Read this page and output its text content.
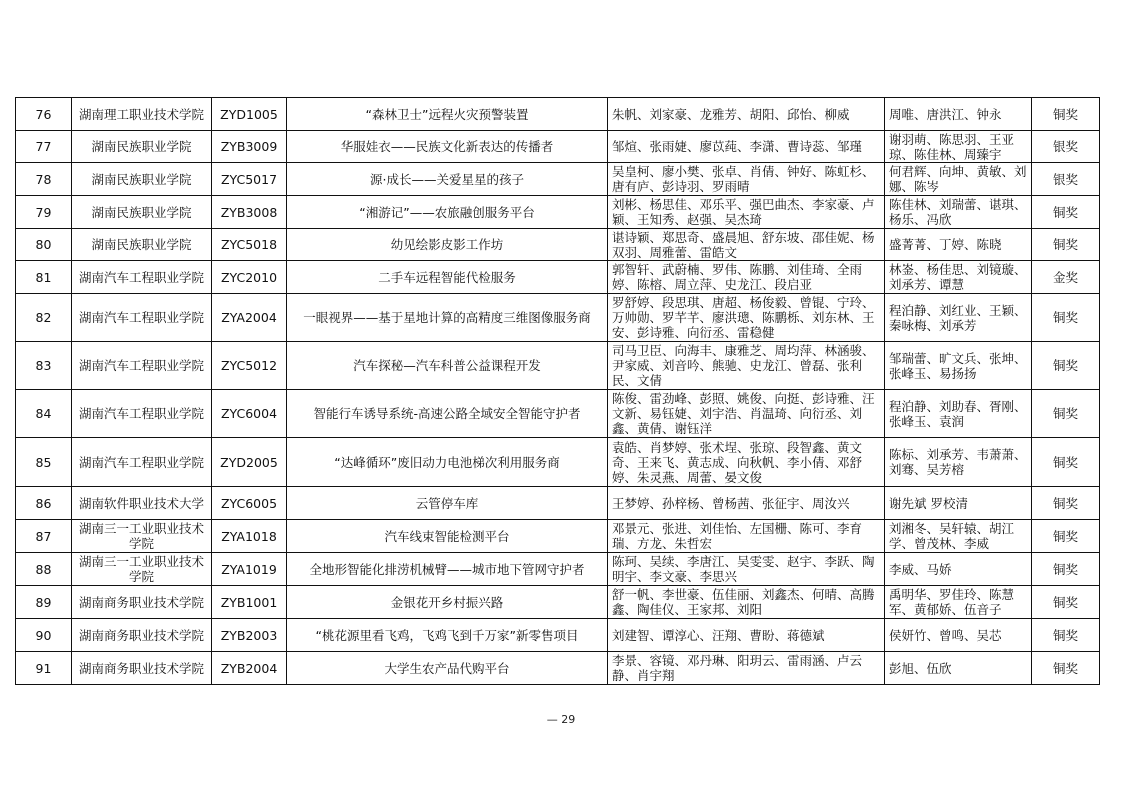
76	湖南理工职业技术学院	ZYD1005	“森林卫士”远程火灾预警装置	朱帆、刘家豪、龙雅芳、胡阳、邱怡、柳威	周唯、唐洪江、钟永	铜奖
77	湖南民族职业学院	ZYB3009	华服娃衣——民族文化新表达的传播者	邹煊、张雨婕、廖苡莼、李潇、曹诗蕊、邹瑾	谢羽萌、陈思羽、王亚琼、陈佳林、周臻宇	银奖
78	湖南民族职业学院	ZYC5017	源·成长——关爱星星的孩子	吴皇柯、廖小樊、张卓、肖倩、钟好、陈虹杉、唐有庐、彭诗羽、罗雨晴	何君辉、向坤、黄敏、刘娜、陈岑	银奖
79	湖南民族职业学院	ZYB3008	“湘游记”——农旅融创服务平台	刘彬、杨思佳、邓乐平、强巴曲杰、李家豪、卢颖、王知秀、赵强、吴杰琦	陈佳林、刘瑞蕾、谌琪、杨乐、冯欣	铜奖
80	湖南民族职业学院	ZYC5018	幼见绘影皮影工作坊	谌诗颖、郑思奇、盛晨旭、舒东坡、邵佳妮、杨双羽、周雅蕾、雷皓文	盛菁菁、丁婷、陈晓	铜奖
81	湖南汽车工程职业学院	ZYC2010	二手车远程智能代检服务	郭智轩、武蔚楠、罗伟、陈鹏、刘佳琦、全雨婷、陈榕、周立萍、史龙江、段启亚	林崟、杨佳思、刘镜璇、刘承芳、谭慧	金奖
82	湖南汽车工程职业学院	ZYA2004	一眼视界——基于星地计算的高精度三维图像服务商	罗舒婷、段思琪、唐超、杨俊毅、曾锟、宁玲、万帅勋、罗芊芊、廖洪璁、陈鹏栎、刘东林、王安、彭诗雅、向衍丞、雷稳健	程泊静、刘红业、王颖、秦咏梅、刘承芳	铜奖
83	湖南汽车工程职业学院	ZYC5012	汽车探秘—汽车科普公益课程开发	司马卫臣、向海丰、康雅芝、周均萍、林涵骏、尹家威、刘音吟、熊驰、史龙江、曾磊、张利民、文倩	邹瑞蕾、旷文兵、张坤、张峰玉、易扬扬	铜奖
84	湖南汽车工程职业学院	ZYC6004	智能行车诱导系统-高速公路全域安全智能守护者	陈俊、雷劲峰、彭照、姚俊、向挺、彭诗雅、汪文新、易钰婕、刘宇浩、肖温琦、向衍丞、刘鑫、黄倩、谢钰洋	程泊静、刘助春、胥刚、张峰玉、袁润	铜奖
85	湖南汽车工程职业学院	ZYD2005	“达峰循环”废旧动力电池梯次利用服务商	袁皓、肖梦婷、张术埕、张琼、段智鑫、黄文奇、王来飞、黄志成、向秋帆、李小倩、邓舒婷、朱灵燕、周蕾、晏文俊	陈标、刘承芳、韦萧萧、刘骞、吴芳榕	铜奖
86	湖南软件职业技术大学	ZYC6005	云管停车库	王梦婷、孙梓杨、曾杨茜、张征宇、周汝兴	谢先斌 罗校清	铜奖
87	湖南三一工业职业技术学院	ZYA1018	汽车线束智能检测平台	邓景元、张进、刘佳怡、左国栅、陈可、李育瑞、方龙、朱哲宏	刘湘冬、吴轩辕、胡江学、曾茂林、李威	铜奖
88	湖南三一工业职业技术学院	ZYA1019	全地形智能化排涝机械臂——城市地下管网守护者	陈珂、吴续、李唐江、吴雯雯、赵宇、李跃、陶明宇、李文豪、李思兴	李威、马娇	铜奖
89	湖南商务职业技术学院	ZYB1001	金银花开乡村振兴路	舒一帆、李世豪、伍佳丽、刘鑫杰、何晴、高腾鑫、陶佳仪、王家邦、刘阳	禹明华、罗佳玲、陈慧军、黄郁娇、伍音子	铜奖
90	湖南商务职业技术学院	ZYB2003	“桃花源里看飞鸡，飞鸡飞到千万家”新零售项目	刘建智、谭淳心、汪翔、曹盼、蒋德斌	侯妍竹、曾鸣、吴芯	铜奖
91	湖南商务职业技术学院	ZYB2004	大学生农产品代购平台	李景、容镜、邓丹琳、阳玥云、雷雨涵、卢云静、肖宇翔	彭旭、伍欣	铜奖
— 29
